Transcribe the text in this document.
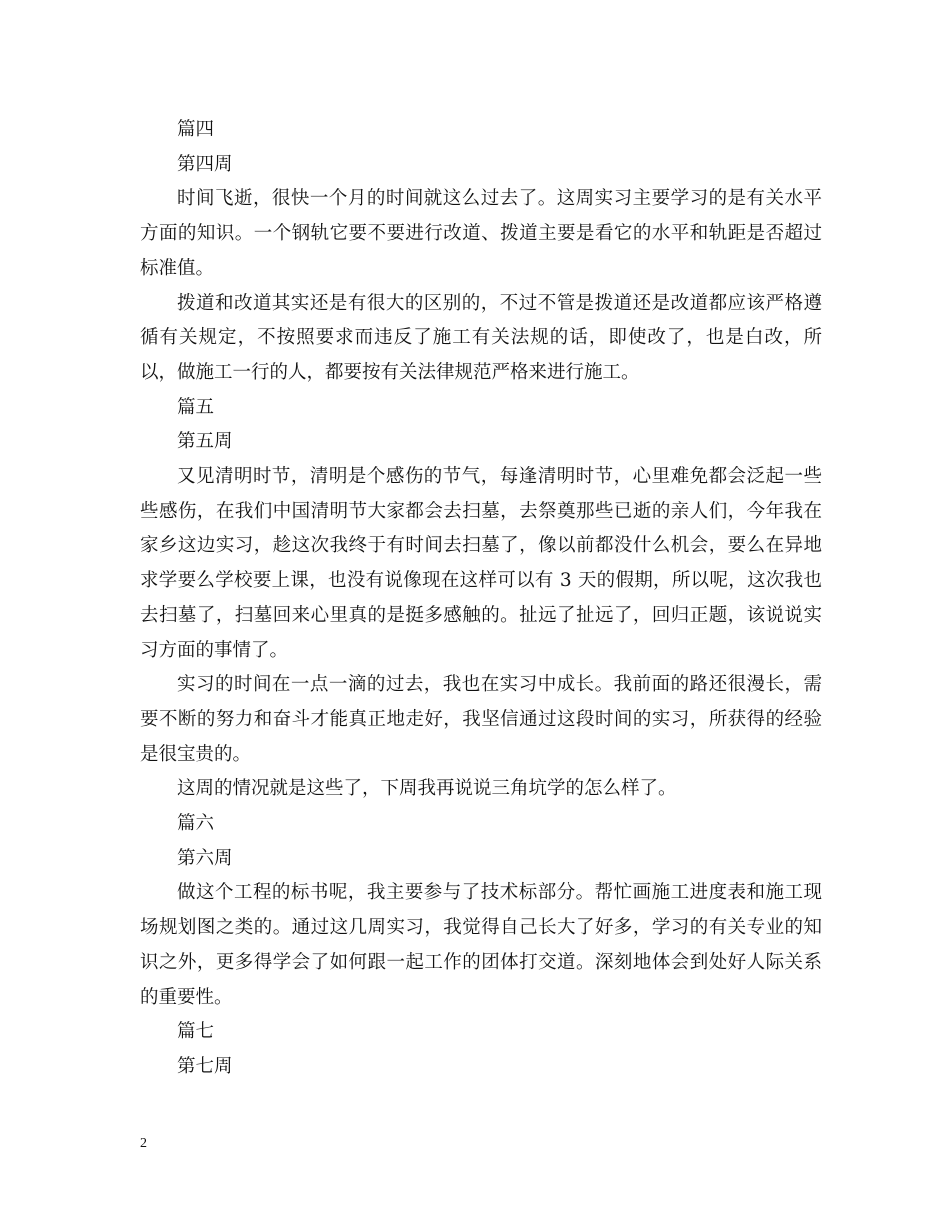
篇四

第四周

时间飞逝，很快一个月的时间就这么过去了。这周实习主要学习的是有关水平方面的知识。一个钢轨它要不要进行改道、拨道主要是看它的水平和轨距是否超过标准值。

拨道和改道其实还是有很大的区别的，不过不管是拨道还是改道都应该严格遵循有关规定，不按照要求而违反了施工有关法规的话，即使改了，也是白改，所以，做施工一行的人，都要按有关法律规范严格来进行施工。

篇五

第五周

又见清明时节，清明是个感伤的节气，每逢清明时节，心里难免都会泛起一些些感伤，在我们中国清明节大家都会去扫墓，去祭奠那些已逝的亲人们，今年我在家乡这边实习，趁这次我终于有时间去扫墓了，像以前都没什么机会，要么在异地求学要么学校要上课，也没有说像现在这样可以有 3 天的假期，所以呢，这次我也去扫墓了，扫墓回来心里真的是挺多感触的。扯远了扯远了，回归正题，该说说实习方面的事情了。

实习的时间在一点一滴的过去，我也在实习中成长。我前面的路还很漫长，需要不断的努力和奋斗才能真正地走好，我坚信通过这段时间的实习，所获得的经验是很宝贵的。

这周的情况就是这些了，下周我再说说三角坑学的怎么样了。

篇六

第六周

做这个工程的标书呢，我主要参与了技术标部分。帮忙画施工进度表和施工现场规划图之类的。通过这几周实习，我觉得自己长大了好多，学习的有关专业的知识之外，更多得学会了如何跟一起工作的团体打交道。深刻地体会到处好人际关系的重要性。

篇七

第七周

2
